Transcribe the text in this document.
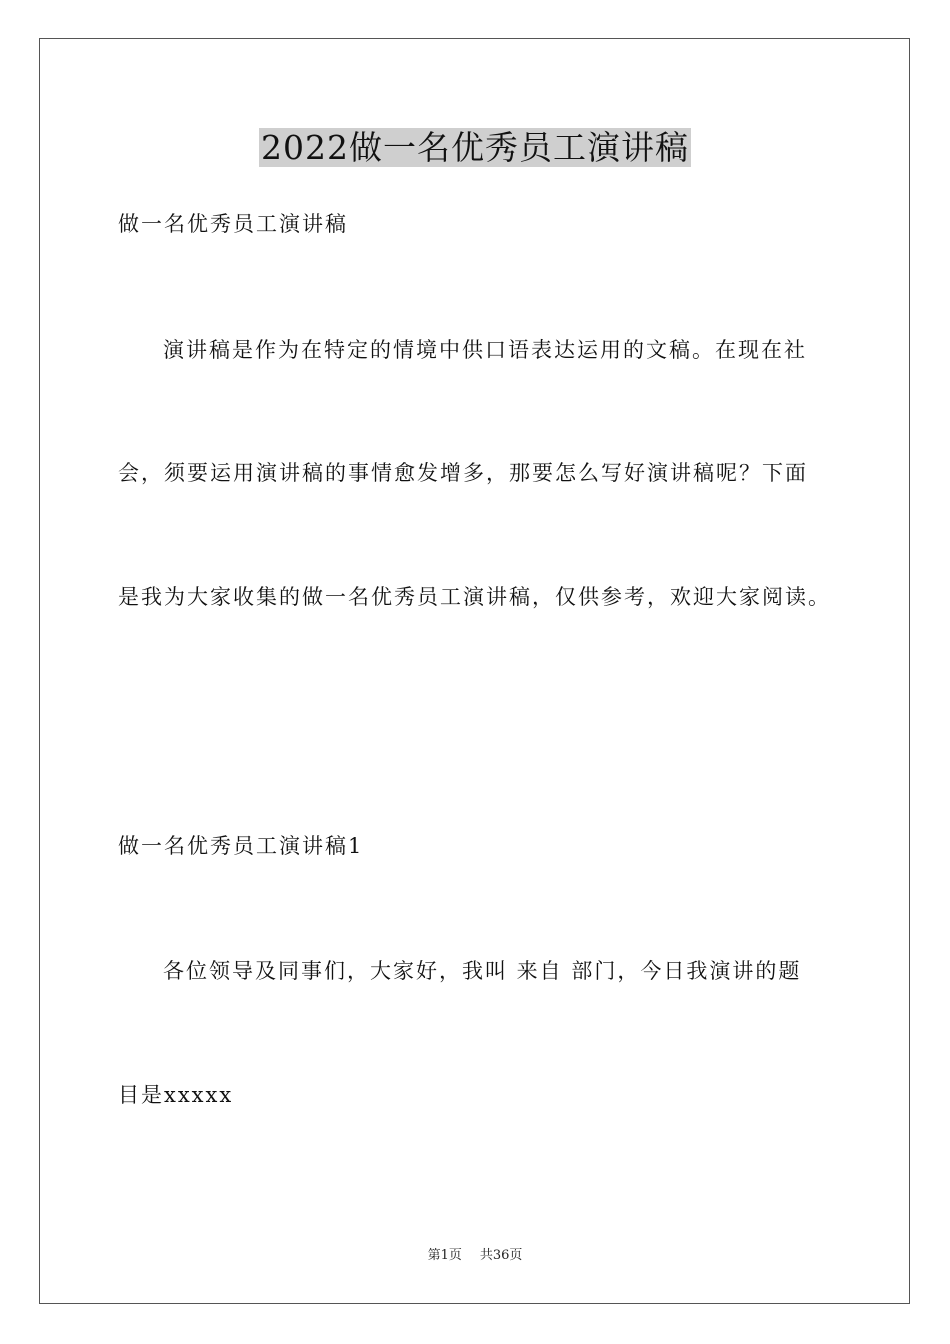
2022做一名优秀员工演讲稿
做一名优秀员工演讲稿
演讲稿是作为在特定的情境中供口语表达运用的文稿。在现在社
会，须要运用演讲稿的事情愈发增多，那要怎么写好演讲稿呢？下面
是我为大家收集的做一名优秀员工演讲稿，仅供参考，欢迎大家阅读。
做一名优秀员工演讲稿1
各位领导及同事们，大家好，我叫 来自 部门，今日我演讲的题
目是xxxxx
第1页 共36页
